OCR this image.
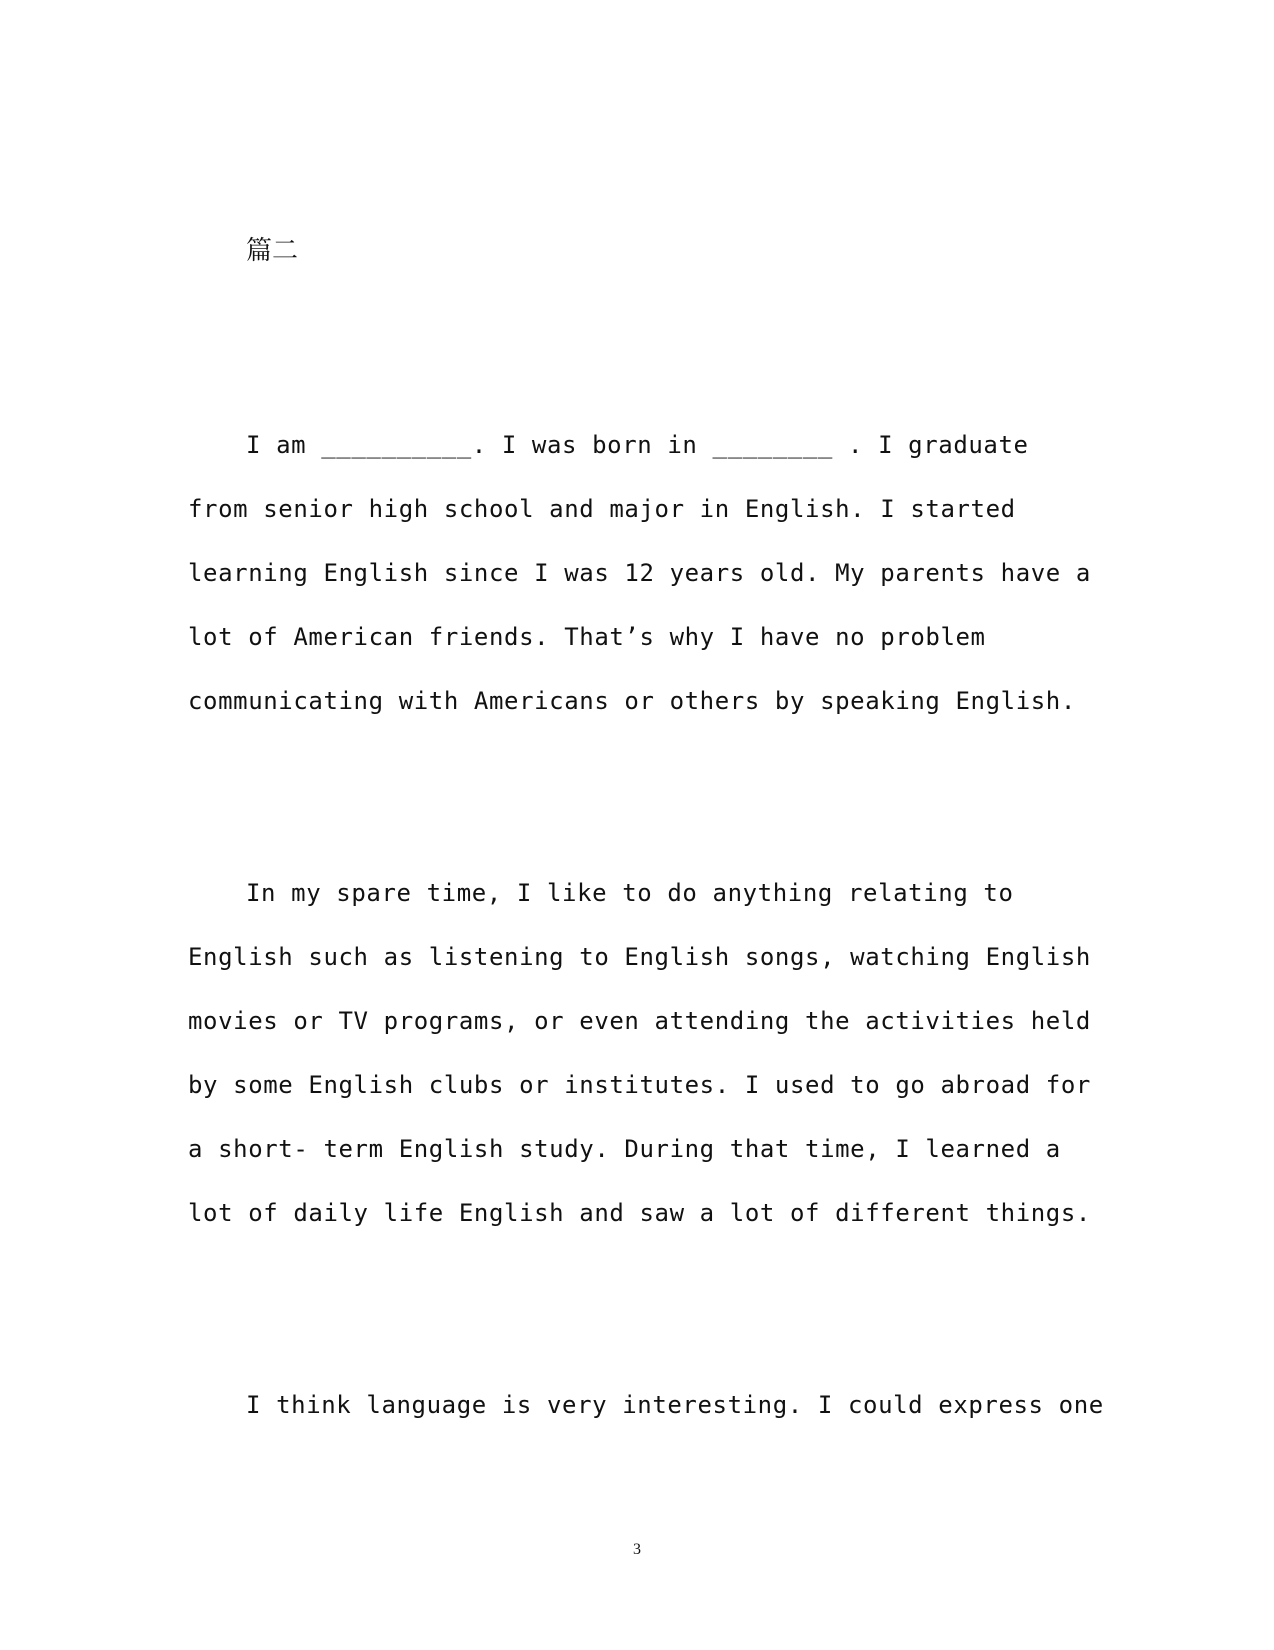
篇二
I am __________. I was born in ________ . I graduate
from senior high school and major in English. I started
learning English since I was 12 years old. My parents have a
lot of American friends. That’s why I have no problem
communicating with Americans or others by speaking English.
In my spare time, I like to do anything relating to
English such as listening to English songs, watching English
movies or TV programs, or even attending the activities held
by some English clubs or institutes. I used to go abroad for
a short- term English study. During that time, I learned a
lot of daily life English and saw a lot of different things.
I think language is very interesting. I could express one
3
